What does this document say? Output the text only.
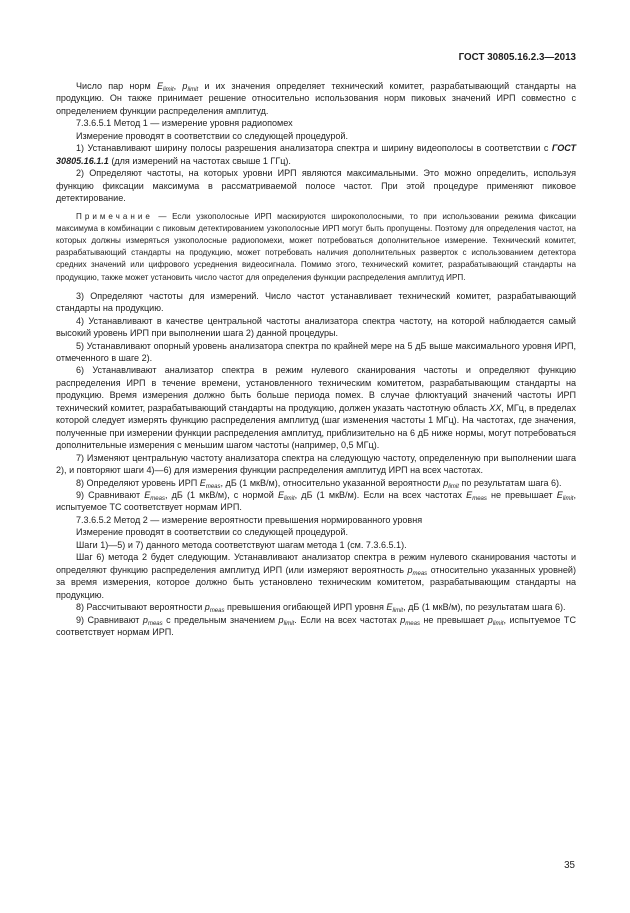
ГОСТ 30805.16.2.3—2013

Число пар норм $E_{limit}$, $p_{limit}$ и их значения определяет технический комитет, разрабатывающий стандарты на продукцию. Он также принимает решение относительно использования норм пиковых значений ИРП совместно с определением функции распределения амплитуд.

7.3.6.5.1 Метод 1 — измерение уровня радиопомех

Измерение проводят в соответствии со следующей процедурой.

1) Устанавливают ширину полосы разрешения анализатора спектра и ширину видеополосы в соответствии с ГОСТ 30805.16.1.1 (для измерений на частотах свыше 1 ГГц).

2) Определяют частоты, на которых уровни ИРП являются максимальными. Это можно определить, используя функцию фиксации максимума в рассматриваемой полосе частот. При этой процедуре применяют пиковое детектирование.

Примечание — Если узкополосные ИРП маскируются широкополосными, то при использовании режима фиксации максимума в комбинации с пиковым детектированием узкополосные ИРП могут быть пропущены. Поэтому для определения частот, на которых должны измеряться узкополосные радиопомехи, может потребоваться дополнительное измерение. Технический комитет, разрабатывающий стандарты на продукцию, может потребовать наличия дополнительных разверток с использованием детектора средних значений или цифрового усреднения видеосигнала. Помимо этого, технический комитет, разрабатывающий стандарты на продукцию, также может установить число частот для определения функции распределения амплитуд ИРП.

3) Определяют частоты для измерений. Число частот устанавливает технический комитет, разрабатывающий стандарты на продукцию.

4) Устанавливают в качестве центральной частоты анализатора спектра частоту, на которой наблюдается самый высокий уровень ИРП при выполнении шага 2) данной процедуры.

5) Устанавливают опорный уровень анализатора спектра по крайней мере на 5 дБ выше максимального уровня ИРП, отмеченного в шаге 2).

6) Устанавливают анализатор спектра в режим нулевого сканирования частоты и определяют функцию распределения ИРП в течение времени, установленного техническим комитетом, разрабатывающим стандарты на продукцию. Время измерения должно быть больше периода помех. В случае флюктуаций значений частоты ИРП технический комитет, разрабатывающий стандарты на продукцию, должен указать частотную область XX, МГц, в пределах которой следует измерять функцию распределения амплитуд (шаг изменения частоты 1 МГц). На частотах, где значения, полученные при измерении функции распределения амплитуд, приблизительно на 6 дБ ниже нормы, могут потребоваться дополнительные измерения с меньшим шагом частоты (например, 0,5 МГц).

7) Изменяют центральную частоту анализатора спектра на следующую частоту, определенную при выполнении шага 2), и повторяют шаги 4)—6) для измерения функции распределения амплитуд ИРП на всех частотах.

8) Определяют уровень ИРП $E_{meas}$, дБ (1 мкВ/м), относительно указанной вероятности $p_{limit}$ по результатам шага 6).

9) Сравнивают $E_{meas}$, дБ (1 мкВ/м), с нормой $E_{limit}$, дБ (1 мкВ/м). Если на всех частотах $E_{meas}$ не превышает $E_{limit}$, испытуемое ТС соответствует нормам ИРП.

7.3.6.5.2 Метод 2 — измерение вероятности превышения нормированного уровня

Измерение проводят в соответствии со следующей процедурой.

Шаги 1)—5) и 7) данного метода соответствуют шагам метода 1 (см. 7.3.6.5.1).

Шаг 6) метода 2 будет следующим. Устанавливают анализатор спектра в режим нулевого сканирования частоты и определяют функцию распределения амплитуд ИРП (или измеряют вероятность $p_{meas}$ относительно указанных уровней) за время измерения, которое должно быть установлено техническим комитетом, разрабатывающим стандарты на продукцию.

8) Рассчитывают вероятности $p_{meas}$ превышения огибающей ИРП уровня $E_{limit}$, дБ (1 мкВ/м), по результатам шага 6).

9) Сравнивают $p_{meas}$ с предельным значением $p_{limit}$. Если на всех частотах $p_{meas}$ не превышает $p_{limit}$, испытуемое ТС соответствует нормам ИРП.

35
